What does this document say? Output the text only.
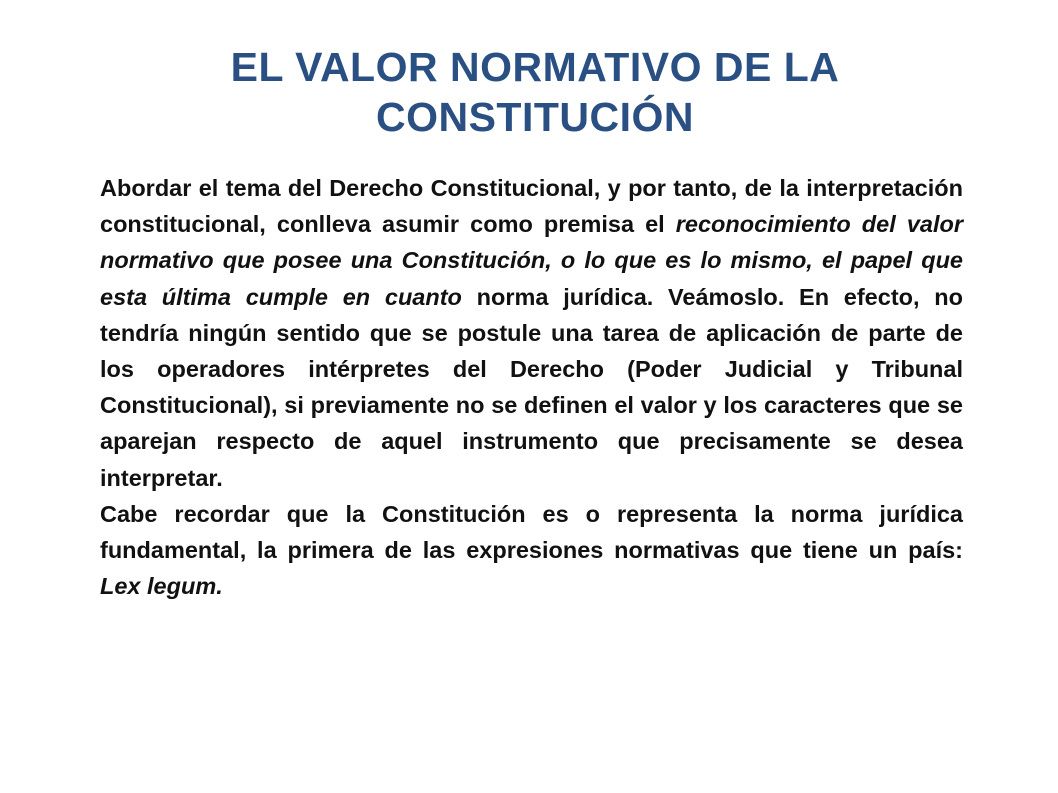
EL VALOR NORMATIVO DE LA CONSTITUCIÓN

Abordar el tema del Derecho Constitucional, y por tanto, de la interpretación constitucional, conlleva asumir como premisa el reconocimiento del valor normativo que posee una Constitución, o lo que es lo mismo, el papel que esta última cumple en cuanto norma jurídica. Veámoslo. En efecto, no tendría ningún sentido que se postule una tarea de aplicación de parte de los operadores intérpretes del Derecho (Poder Judicial y Tribunal Constitucional), si previamente no se definen el valor y los caracteres que se aparejan respecto de aquel instrumento que precisamente se desea interpretar.

Cabe recordar que la Constitución es o representa la norma jurídica fundamental, la primera de las expresiones normativas que tiene un país: Lex legum.
